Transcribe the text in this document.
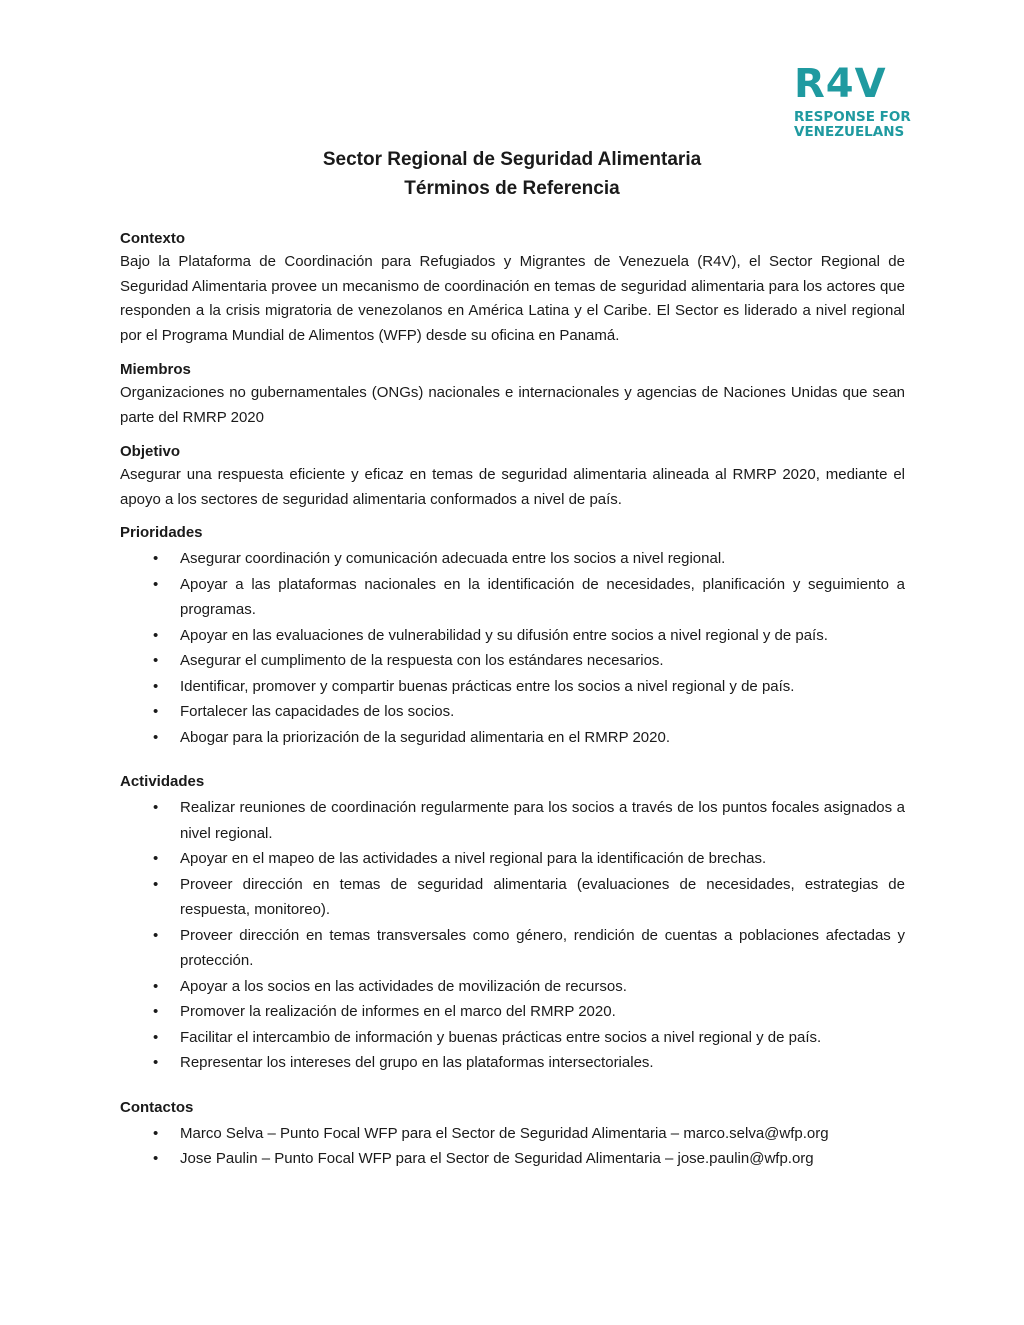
R4V
RESPONSE FOR
VENEZUELANS
Sector Regional de Seguridad Alimentaria
Términos de Referencia

Contexto

Bajo la Plataforma de Coordinación para Refugiados y Migrantes de Venezuela (R4V), el Sector Regional de Seguridad Alimentaria provee un mecanismo de coordinación en temas de seguridad alimentaria para los actores que responden a la crisis migratoria de venezolanos en América Latina y el Caribe. El Sector es liderado a nivel regional por el Programa Mundial de Alimentos (WFP) desde su oficina en Panamá.

Miembros

Organizaciones no gubernamentales (ONGs) nacionales e internacionales y agencias de Naciones Unidas que sean parte del RMRP 2020

Objetivo

Asegurar una respuesta eficiente y eficaz en temas de seguridad alimentaria alineada al RMRP 2020, mediante el apoyo a los sectores de seguridad alimentaria conformados a nivel de país.

Prioridades

• Asegurar coordinación y comunicación adecuada entre los socios a nivel regional.
• Apoyar a las plataformas nacionales en la identificación de necesidades, planificación y seguimiento a programas.
• Apoyar en las evaluaciones de vulnerabilidad y su difusión entre socios a nivel regional y de país.
• Asegurar el cumplimento de la respuesta con los estándares necesarios.
• Identificar, promover y compartir buenas prácticas entre los socios a nivel regional y de país.
• Fortalecer las capacidades de los socios.
• Abogar para la priorización de la seguridad alimentaria en el RMRP 2020.

Actividades

• Realizar reuniones de coordinación regularmente para los socios a través de los puntos focales asignados a nivel regional.
• Apoyar en el mapeo de las actividades a nivel regional para la identificación de brechas.
• Proveer dirección en temas de seguridad alimentaria (evaluaciones de necesidades, estrategias de respuesta, monitoreo).
• Proveer dirección en temas transversales como género, rendición de cuentas a poblaciones afectadas y protección.
• Apoyar a los socios en las actividades de movilización de recursos.
• Promover la realización de informes en el marco del RMRP 2020.
• Facilitar el intercambio de información y buenas prácticas entre socios a nivel regional y de país.
• Representar los intereses del grupo en las plataformas intersectoriales.

Contactos

• Marco Selva – Punto Focal WFP para el Sector de Seguridad Alimentaria – marco.selva@wfp.org
• Jose Paulin – Punto Focal WFP para el Sector de Seguridad Alimentaria – jose.paulin@wfp.org
